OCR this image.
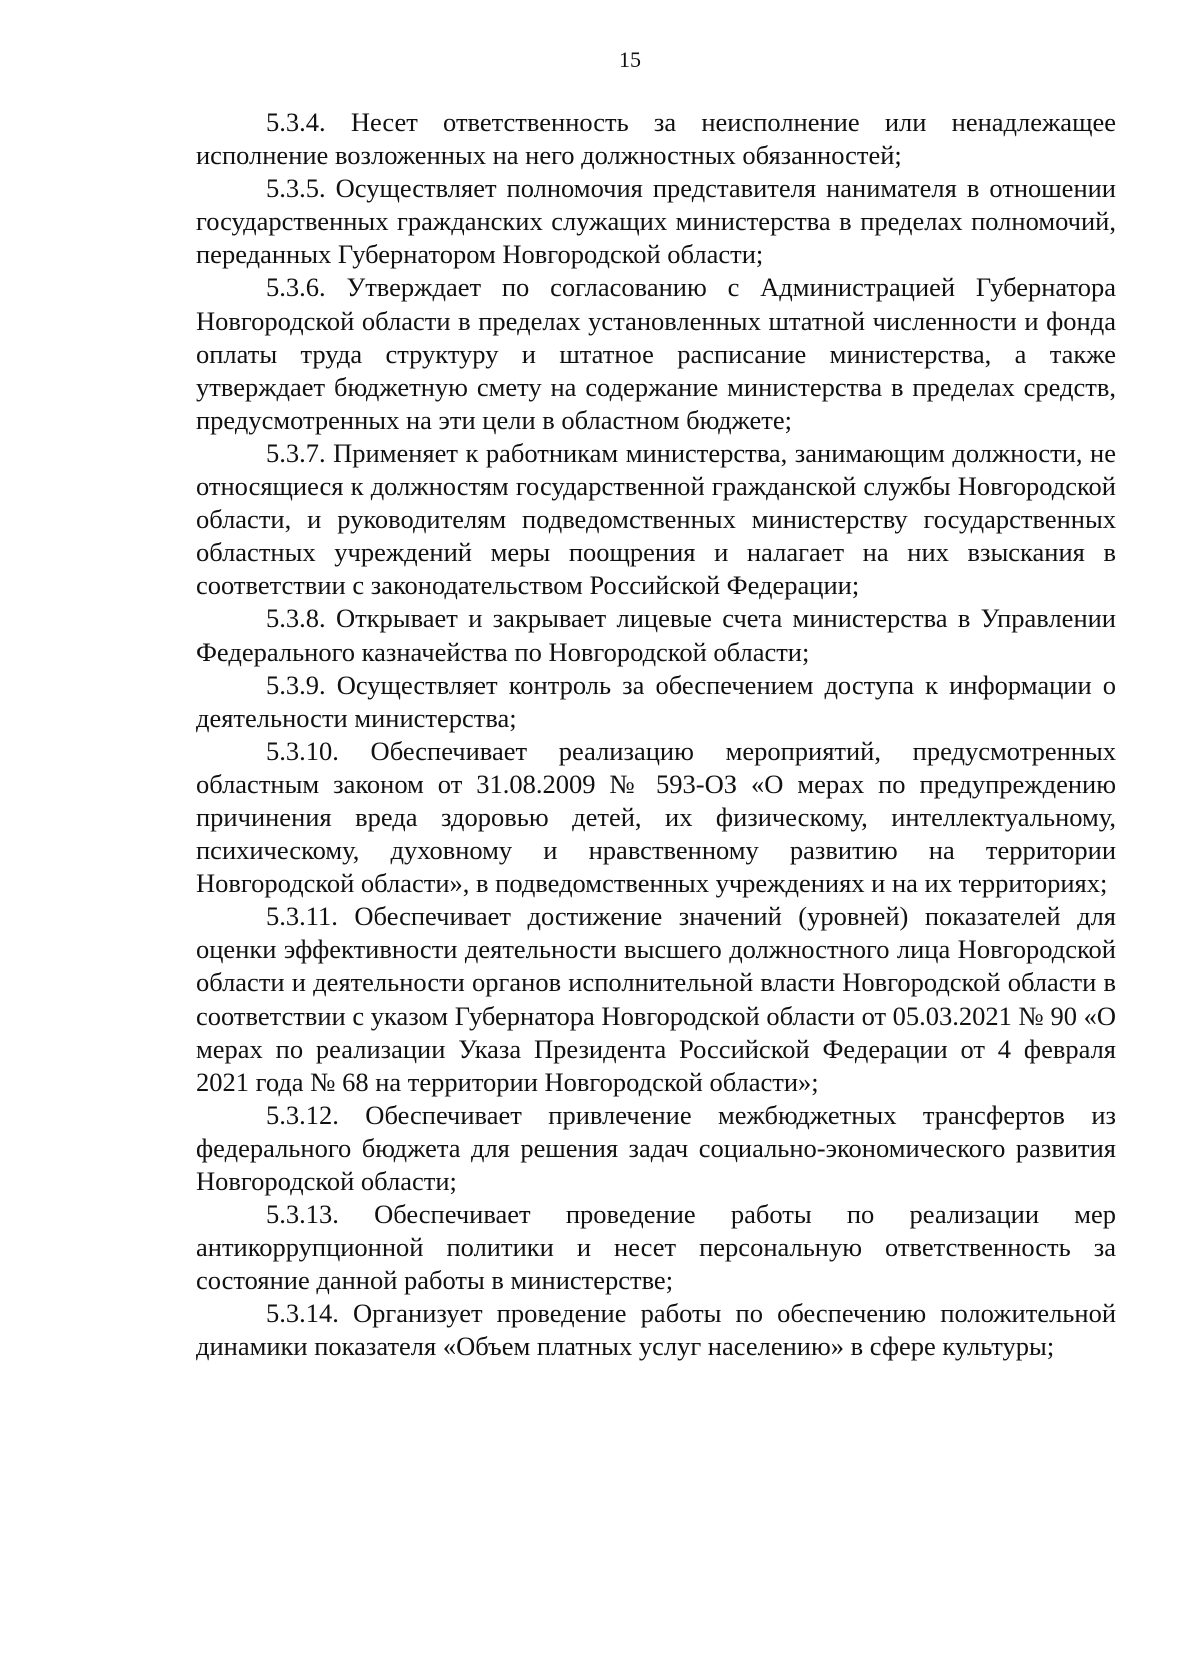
15

5.3.4. Несет ответственность за неисполнение или ненадлежащее исполнение возложенных на него должностных обязанностей;

5.3.5. Осуществляет полномочия представителя нанимателя в отношении государственных гражданских служащих министерства в пределах полномочий, переданных Губернатором Новгородской области;

5.3.6. Утверждает по согласованию с Администрацией Губернатора Новгородской области в пределах установленных штатной численности и фонда оплаты труда структуру и штатное расписание министерства, а также утверждает бюджетную смету на содержание министерства в пределах средств, предусмотренных на эти цели в областном бюджете;

5.3.7. Применяет к работникам министерства, занимающим должности, не относящиеся к должностям государственной гражданской службы Новгородской области, и руководителям подведомственных министерству государственных областных учреждений меры поощрения и налагает на них взыскания в соответствии с законодательством Российской Федерации;

5.3.8. Открывает и закрывает лицевые счета министерства в Управлении Федерального казначейства по Новгородской области;

5.3.9. Осуществляет контроль за обеспечением доступа к информации о деятельности министерства;

5.3.10. Обеспечивает реализацию мероприятий, предусмотренных областным законом от 31.08.2009 № 593-ОЗ «О мерах по предупреждению причинения вреда здоровью детей, их физическому, интеллектуальному, психическому, духовному и нравственному развитию на территории Новгородской области», в подведомственных учреждениях и на их территориях;

5.3.11. Обеспечивает достижение значений (уровней) показателей для оценки эффективности деятельности высшего должностного лица Новгородской области и деятельности органов исполнительной власти Новгородской области в соответствии с указом Губернатора Новгородской области от 05.03.2021 № 90 «О мерах по реализации Указа Президента Российской Федерации от 4 февраля 2021 года № 68 на территории Новгородской области»;

5.3.12. Обеспечивает привлечение межбюджетных трансфертов из федерального бюджета для решения задач социально-экономического развития Новгородской области;

5.3.13. Обеспечивает проведение работы по реализации мер антикоррупционной политики и несет персональную ответственность за состояние данной работы в министерстве;

5.3.14. Организует проведение работы по обеспечению положительной динамики показателя «Объем платных услуг населению» в сфере культуры;
